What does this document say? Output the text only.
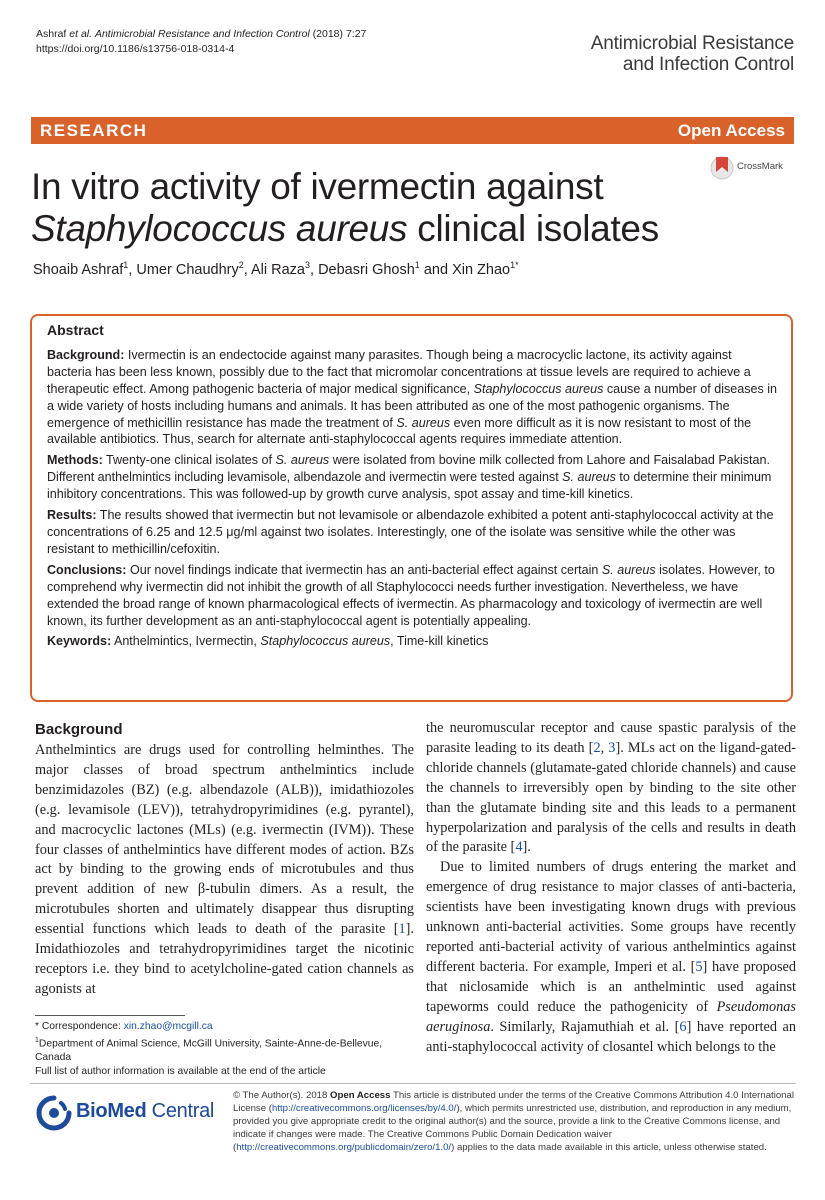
Ashraf et al. Antimicrobial Resistance and Infection Control (2018) 7:27
https://doi.org/10.1186/s13756-018-0314-4	Antimicrobial Resistance
and Infection Control
RESEARCH	Open Access
In vitro activity of ivermectin against
Staphylococcus aureus clinical isolates
CrossMark
Shoaib Ashraf$^1$, Umer Chaudhry$^2$, Ali Raza$^3$, Debasri Ghosh$^1$ and Xin Zhao$^{1*}$
Abstract

Background: Ivermectin is an endectocide against many parasites. Though being a macrocyclic lactone, its activity against bacteria has been less known, possibly due to the fact that micromolar concentrations at tissue levels are required to achieve a therapeutic effect. Among pathogenic bacteria of major medical significance, Staphylococcus aureus cause a number of diseases in a wide variety of hosts including humans and animals. It has been attributed as one of the most pathogenic organisms. The emergence of methicillin resistance has made the treatment of S. aureus even more difficult as it is now resistant to most of the available antibiotics. Thus, search for alternate anti-staphylococcal agents requires immediate attention.

Methods: Twenty-one clinical isolates of S. aureus were isolated from bovine milk collected from Lahore and Faisalabad Pakistan. Different anthelmintics including levamisole, albendazole and ivermectin were tested against S. aureus to determine their minimum inhibitory concentrations. This was followed-up by growth curve analysis, spot assay and time-kill kinetics.

Results: The results showed that ivermectin but not levamisole or albendazole exhibited a potent anti-staphylococcal activity at the concentrations of 6.25 and 12.5 μg/ml against two isolates. Interestingly, one of the isolate was sensitive while the other was resistant to methicillin/cefoxitin.

Conclusions: Our novel findings indicate that ivermectin has an anti-bacterial effect against certain S. aureus isolates. However, to comprehend why ivermectin did not inhibit the growth of all Staphylococci needs further investigation. Nevertheless, we have extended the broad range of known pharmacological effects of ivermectin. As pharmacology and toxicology of ivermectin are well known, its further development as an anti-staphylococcal agent is potentially appealing.

Keywords: Anthelmintics, Ivermectin, Staphylococcus aureus, Time-kill kinetics

Background

Anthelmintics are drugs used for controlling helminthes. The major classes of broad spectrum anthelmintics include benzimidazoles (BZ) (e.g. albendazole (ALB)), imidathiozoles (e.g. levamisole (LEV)), tetrahydropyrimidines (e.g. pyrantel), and macrocyclic lactones (MLs) (e.g. ivermectin (IVM)). These four classes of anthelmintics have different modes of action. BZs act by binding to the growing ends of microtubules and thus prevent addition of new β-tubulin dimers. As a result, the microtubules shorten and ultimately disappear thus disrupting essential functions which leads to death of the parasite [1]. Imidathiozoles and tetrahydropyrimidines target the nicotinic receptors i.e. they bind to acetylcholine-gated cation channels as agonists at

the neuromuscular receptor and cause spastic paralysis of the parasite leading to its death [2, 3]. MLs act on the ligand-gated-chloride channels (glutamate-gated chloride channels) and cause the channels to irreversibly open by binding to the site other than the glutamate binding site and this leads to a permanent hyperpolarization and paralysis of the cells and results in death of the parasite [4].

Due to limited numbers of drugs entering the market and emergence of drug resistance to major classes of anti-bacteria, scientists have been investigating known drugs with previous unknown anti-bacterial activities. Some groups have recently reported anti-bacterial activity of various anthelmintics against different bacteria. For example, Imperi et al. [5] have proposed that niclosamide which is an anthelmintic used against tapeworms could reduce the pathogenicity of Pseudomonas aeruginosa. Similarly, Rajamuthiah et al. [6] have reported an anti-staphylococcal activity of closantel which belongs to the

* Correspondence: xin.zhao@mcgill.ca
$^1$Department of Animal Science, McGill University, Sainte-Anne-de-Bellevue, Canada
Full list of author information is available at the end of the article
BioMed Central
© The Author(s). 2018 Open Access This article is distributed under the terms of the Creative Commons Attribution 4.0 International License (http://creativecommons.org/licenses/by/4.0/), which permits unrestricted use, distribution, and reproduction in any medium, provided you give appropriate credit to the original author(s) and the source, provide a link to the Creative Commons license, and indicate if changes were made. The Creative Commons Public Domain Dedication waiver (http://creativecommons.org/publicdomain/zero/1.0/) applies to the data made available in this article, unless otherwise stated.
